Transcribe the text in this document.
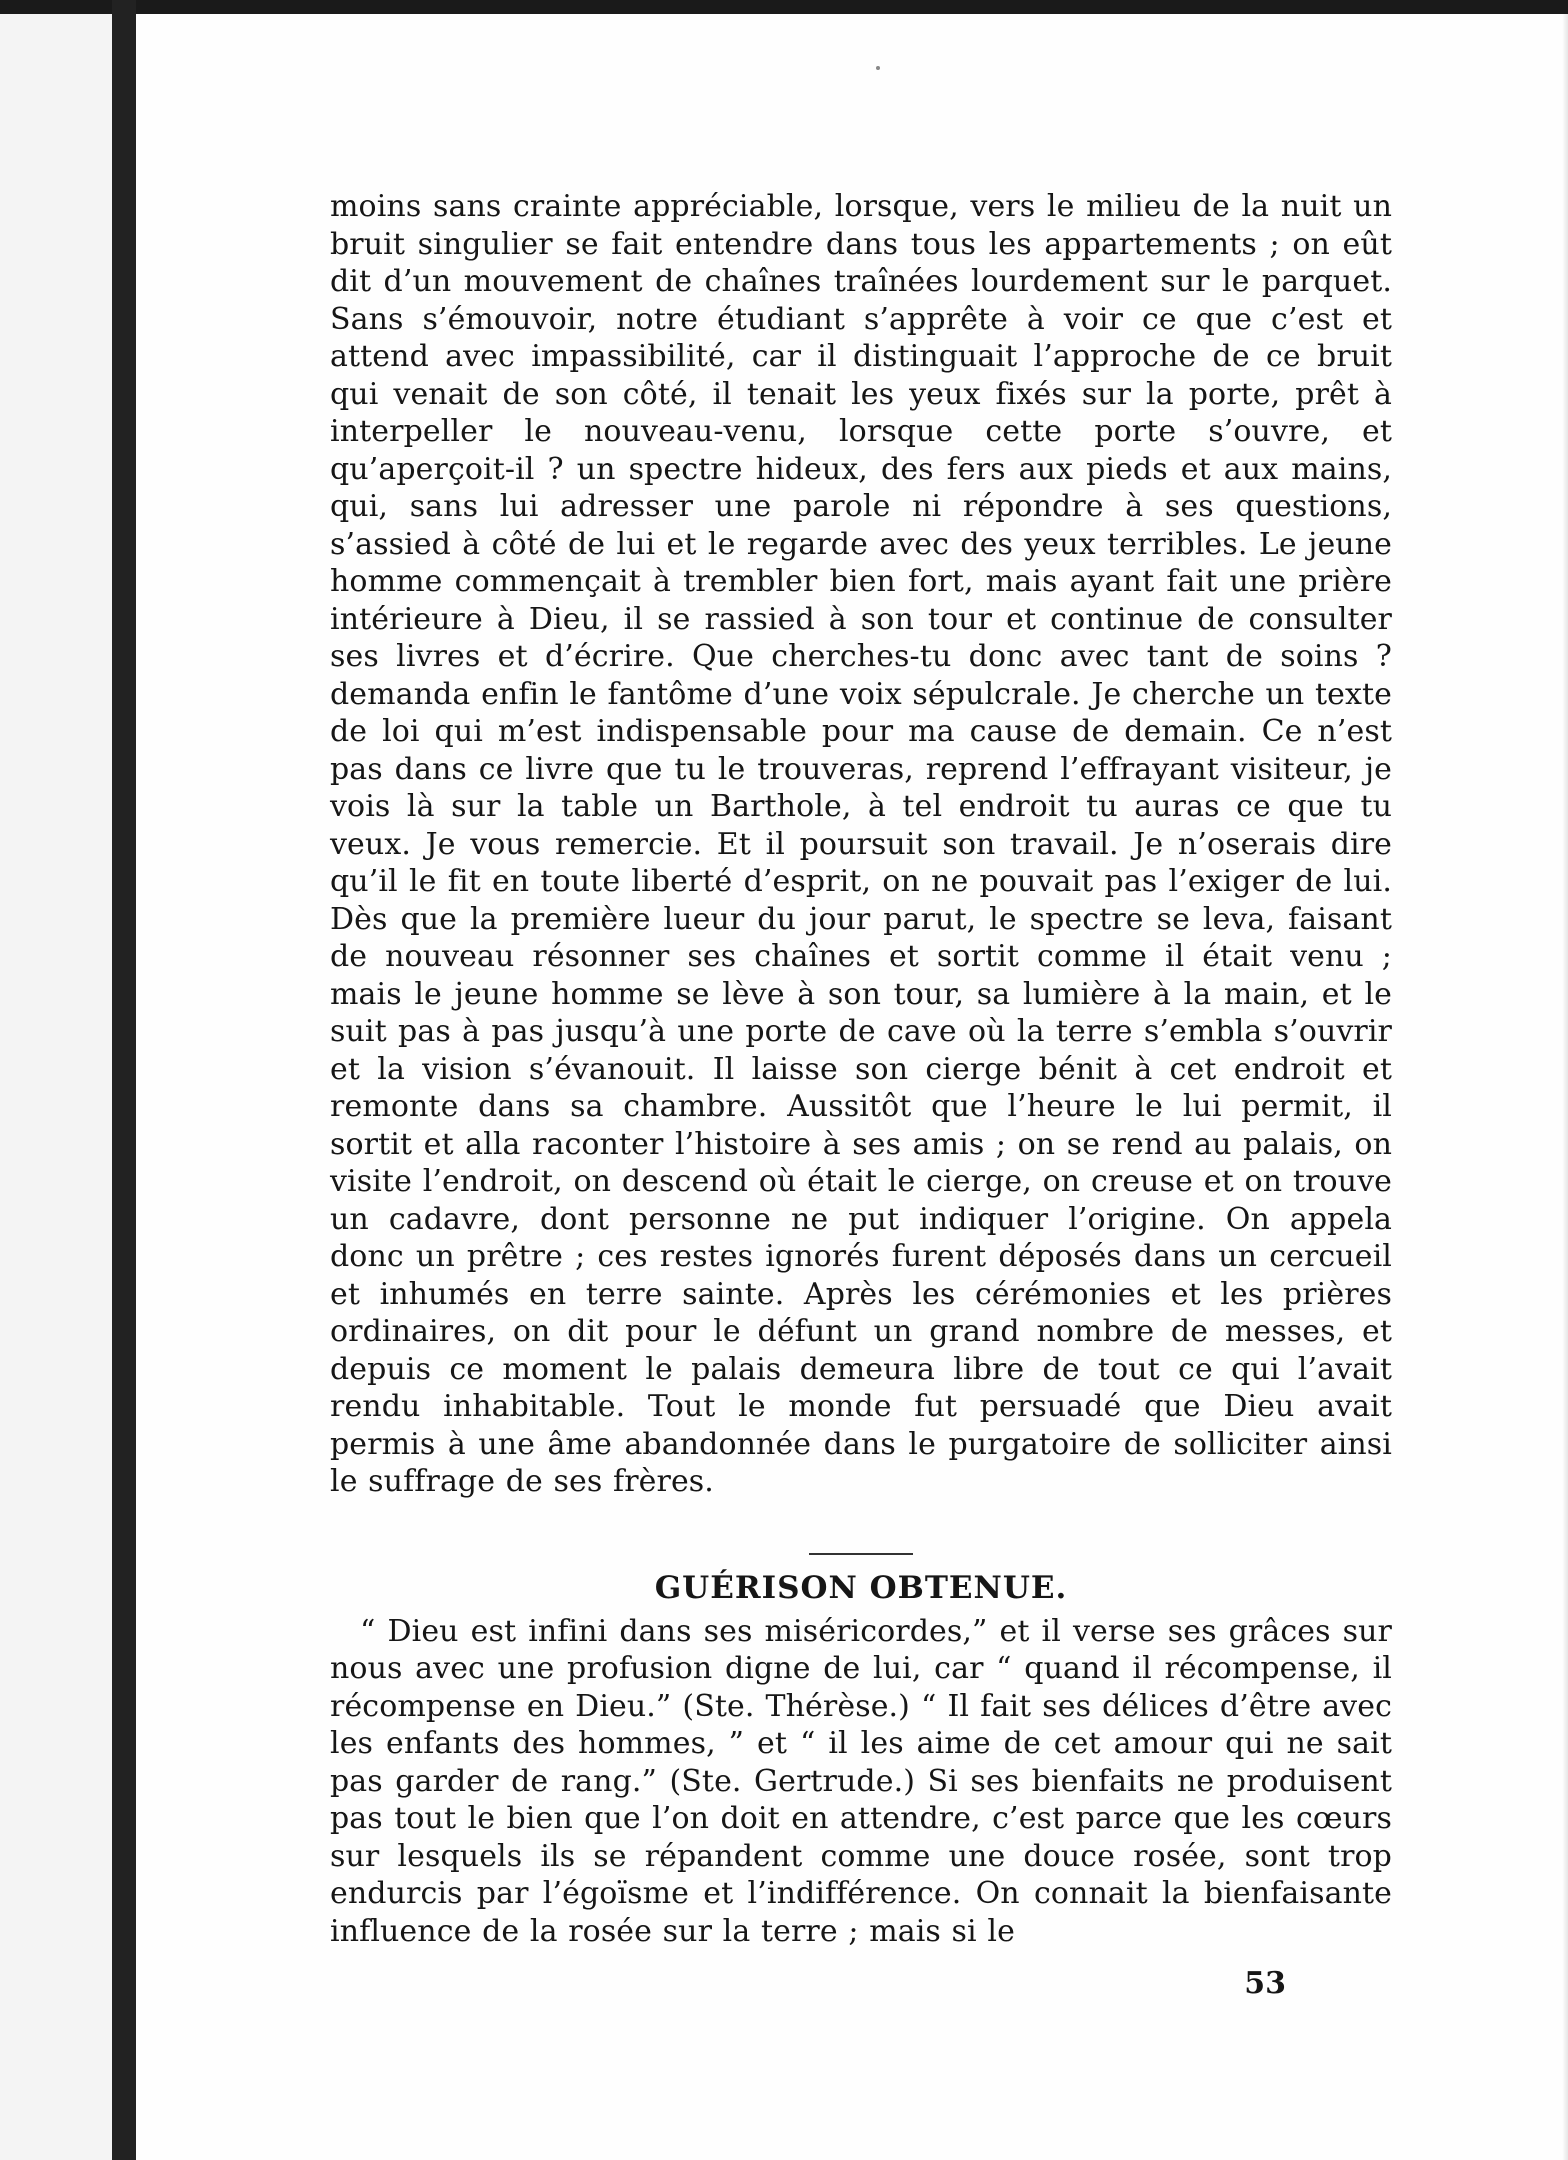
moins sans crainte appréciable, lorsque, vers le milieu de la nuit un bruit singulier se fait entendre dans tous les appartements ; on eût dit d’un mouvement de chaînes traînées lourdement sur le parquet. Sans s’émouvoir, notre étudiant s’apprête à voir ce que c’est et attend avec impassibilité, car il distinguait l’approche de ce bruit qui venait de son côté, il tenait les yeux fixés sur la porte, prêt à interpeller le nouveau-venu, lorsque cette porte s’ouvre, et qu’aperçoit-il ? un spectre hideux, des fers aux pieds et aux mains, qui, sans lui adresser une parole ni répondre à ses questions, s’assied à côté de lui et le regarde avec des yeux terribles. Le jeune homme commençait à trembler bien fort, mais ayant fait une prière intérieure à Dieu, il se rassied à son tour et continue de consulter ses livres et d’écrire. Que cherches-tu donc avec tant de soins ? demanda enfin le fantôme d’une voix sépulcrale. Je cherche un texte de loi qui m’est indispensable pour ma cause de demain. Ce n’est pas dans ce livre que tu le trouveras, reprend l’effrayant visiteur, je vois là sur la table un Barthole, à tel endroit tu auras ce que tu veux. Je vous remercie. Et il poursuit son travail. Je n’oserais dire qu’il le fit en toute liberté d’esprit, on ne pouvait pas l’exiger de lui. Dès que la première lueur du jour parut, le spectre se leva, faisant de nouveau résonner ses chaînes et sortit comme il était venu ; mais le jeune homme se lève à son tour, sa lumière à la main, et le suit pas à pas jusqu’à une porte de cave où la terre s’embla s’ouvrir et la vision s’évanouit. Il laisse son cierge bénit à cet endroit et remonte dans sa chambre. Aussitôt que l’heure le lui permit, il sortit et alla raconter l’histoire à ses amis ; on se rend au palais, on visite l’endroit, on descend où était le cierge, on creuse et on trouve un cadavre, dont personne ne put indiquer l’origine. On appela donc un prêtre ; ces restes ignorés furent déposés dans un cercueil et inhumés en terre sainte. Après les cérémonies et les prières ordinaires, on dit pour le défunt un grand nombre de messes, et depuis ce moment le palais demeura libre de tout ce qui l’avait rendu inhabitable. Tout le monde fut persuadé que Dieu avait permis à une âme abandonnée dans le purgatoire de solliciter ainsi le suffrage de ses frères.

GUÉRISON OBTENUE.

“ Dieu est infini dans ses miséricordes,” et il verse ses grâces sur nous avec une profusion digne de lui, car “ quand il récompense, il récompense en Dieu.” (Ste. Thérèse.) “ Il fait ses délices d’être avec les enfants des hommes, ” et “ il les aime de cet amour qui ne sait pas garder de rang.” (Ste. Gertrude.) Si ses bienfaits ne produisent pas tout le bien que l’on doit en attendre, c’est parce que les cœurs sur lesquels ils se répandent comme une douce rosée, sont trop endurcis par l’égoïsme et l’indifférence. On connait la bienfaisante influence de la rosée sur la terre ; mais si le

53
